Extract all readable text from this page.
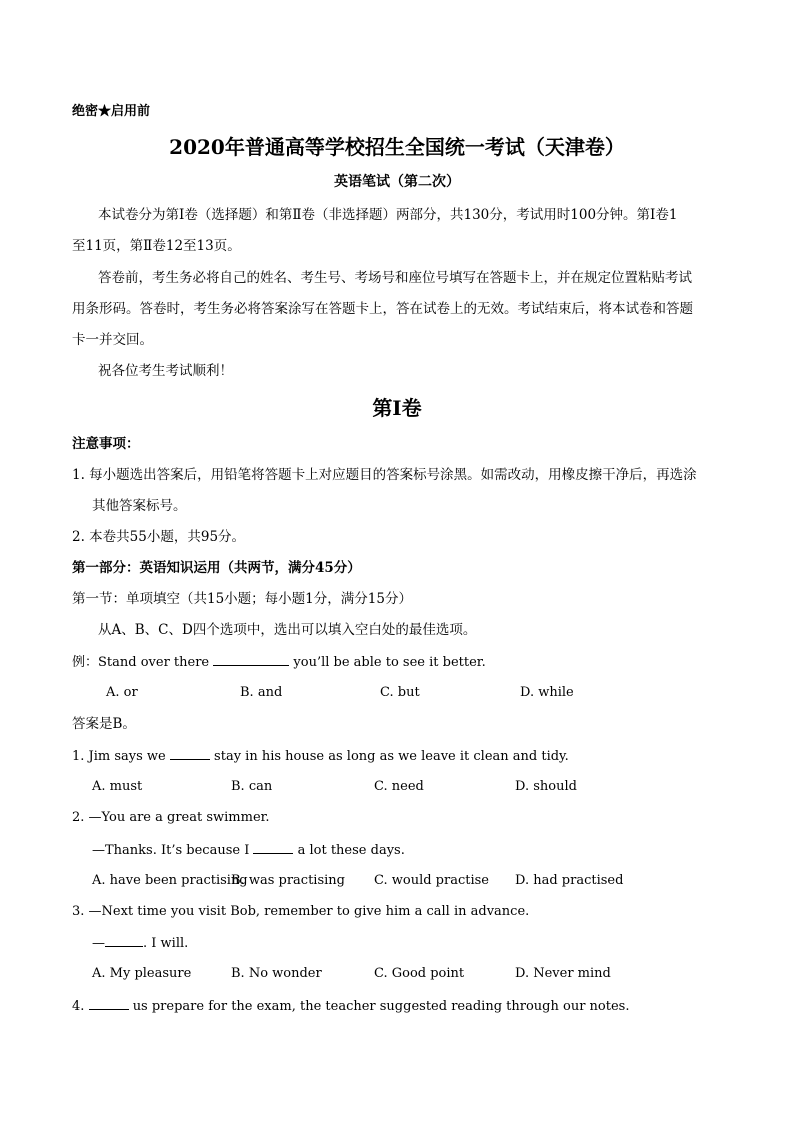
绝密★启用前
2020年普通高等学校招生全国统一考试（天津卷）
英语笔试（第二次）
本试卷分为第Ⅰ卷（选择题）和第Ⅱ卷（非选择题）两部分，共130分，考试用时100分钟。第Ⅰ卷1
至11页，第Ⅱ卷12至13页。
答卷前，考生务必将自己的姓名、考生号、考场号和座位号填写在答题卡上，并在规定位置粘贴考试
用条形码。答卷时，考生务必将答案涂写在答题卡上，答在试卷上的无效。考试结束后，将本试卷和答题
卡一并交回。
祝各位考生考试顺利！
第Ⅰ卷
注意事项：
1. 每小题选出答案后，用铅笔将答题卡上对应题目的答案标号涂黑。如需改动，用橡皮擦干净后，再选涂
其他答案标号。
2. 本卷共55小题，共95分。
第一部分：英语知识运用（共两节，满分45分）
第一节：单项填空（共15小题；每小题1分，满分15分）
从A、B、C、D四个选项中，选出可以填入空白处的最佳选项。
例：Stand over there	you’ll be able to see it better.
A. or	B. and	C. but	D. while
答案是B。
1. Jim says we	stay in his house as long as we leave it clean and tidy.
A. must	B. can	C. need	D. should
2. —You are a great swimmer.
—Thanks. It’s because I	a lot these days.
A. have been practising
B. was practising C. would practise D. had practised
3. —Next time you visit Bob, remember to give him a call in advance.
—	. I will.
A. My pleasure	B. No wonder	C. Good point	D. Never mind
4.	us prepare for the exam, the teacher suggested reading through our notes.
